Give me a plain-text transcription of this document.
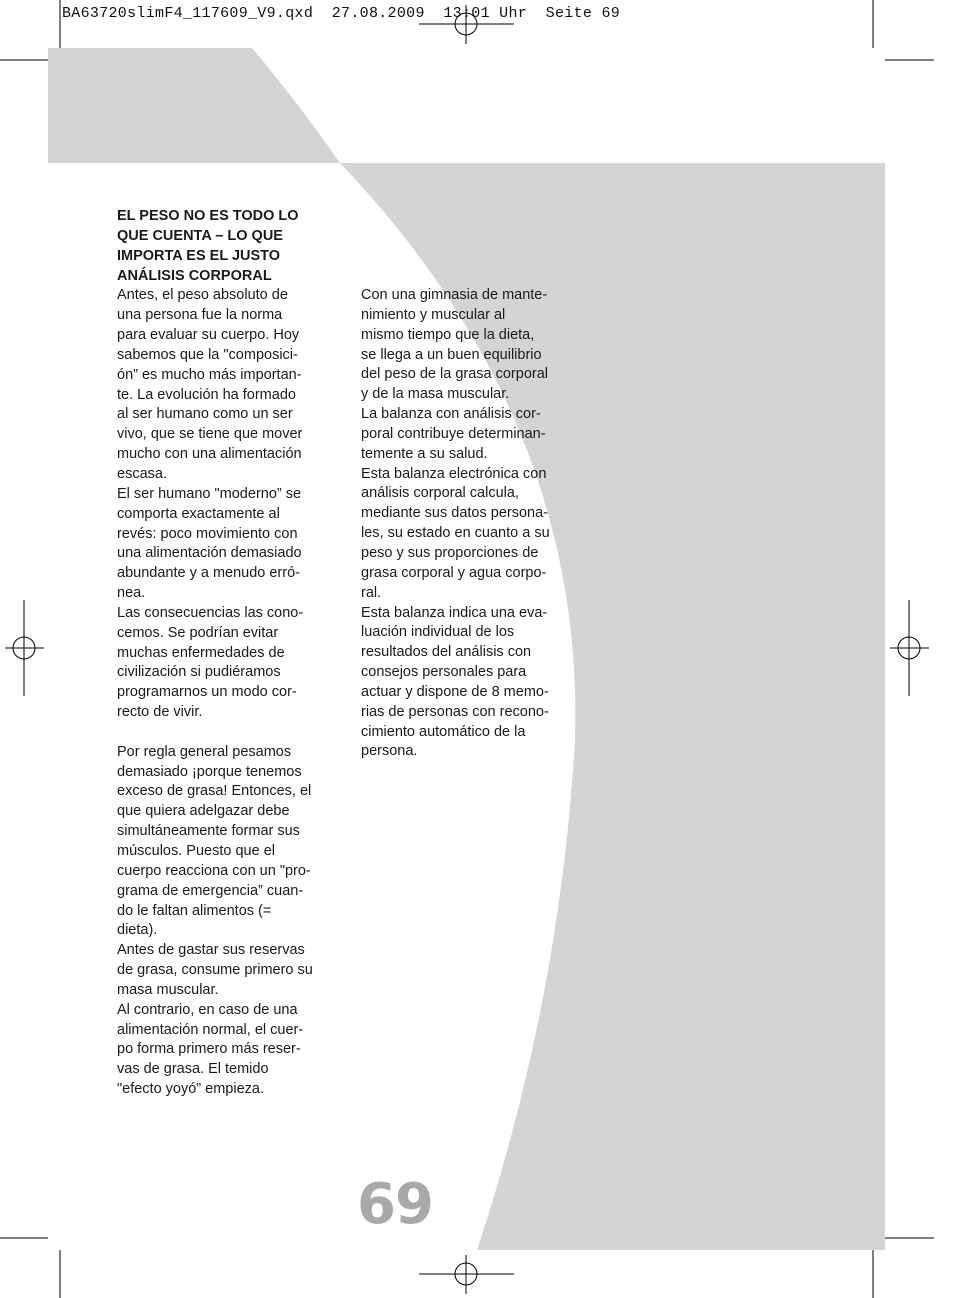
BA63720slimF4_117609_V9.qxd  27.08.2009  13:01 Uhr  Seite 69
EL PESO NO ES TODO LO
QUE CUENTA – LO QUE
IMPORTA ES EL JUSTO
ANÁLISIS CORPORAL
Antes, el peso absoluto de
una persona fue la norma
para evaluar su cuerpo. Hoy
sabemos que la "composici-
ón” es mucho más importan-
te. La evolución ha formado
al ser humano como un ser
vivo, que se tiene que mover
mucho con una alimentación
escasa.
El ser humano "moderno” se
comporta exactamente al
revés: poco movimiento con
una alimentación demasiado
abundante y a menudo erró-
nea.
Las consecuencias las cono-
cemos. Se podrían evitar
muchas enfermedades de
civilización si pudiéramos
programarnos un modo cor-
recto de vivir.
Por regla general pesamos
demasiado ¡porque tenemos
exceso de grasa! Entonces, el
que quiera adelgazar debe
simultáneamente formar sus
músculos. Puesto que el
cuerpo reacciona con un "pro-
grama de emergencia” cuan-
do le faltan alimentos (=
dieta).
Antes de gastar sus reservas
de grasa, consume primero su
masa muscular.
Al contrario, en caso de una
alimentación normal, el cuer-
po forma primero más reser-
vas de grasa. El temido
"efecto yoyó” empieza.
Con una gimnasia de mante-
nimiento y muscular al
mismo tiempo que la dieta,
se llega a un buen equilibrio
del peso de la grasa corporal
y de la masa muscular.
La balanza con análisis cor-
poral contribuye determinan-
temente a su salud.
Esta balanza electrónica con
análisis corporal calcula,
mediante sus datos persona-
les, su estado en cuanto a su
peso y sus proporciones de
grasa corporal y agua corpo-
ral.
Esta balanza indica una eva-
luación individual de los
resultados del análisis con
consejos personales para
actuar y dispone de 8 memo-
rias de personas con recono-
cimiento automático de la
persona.
69
